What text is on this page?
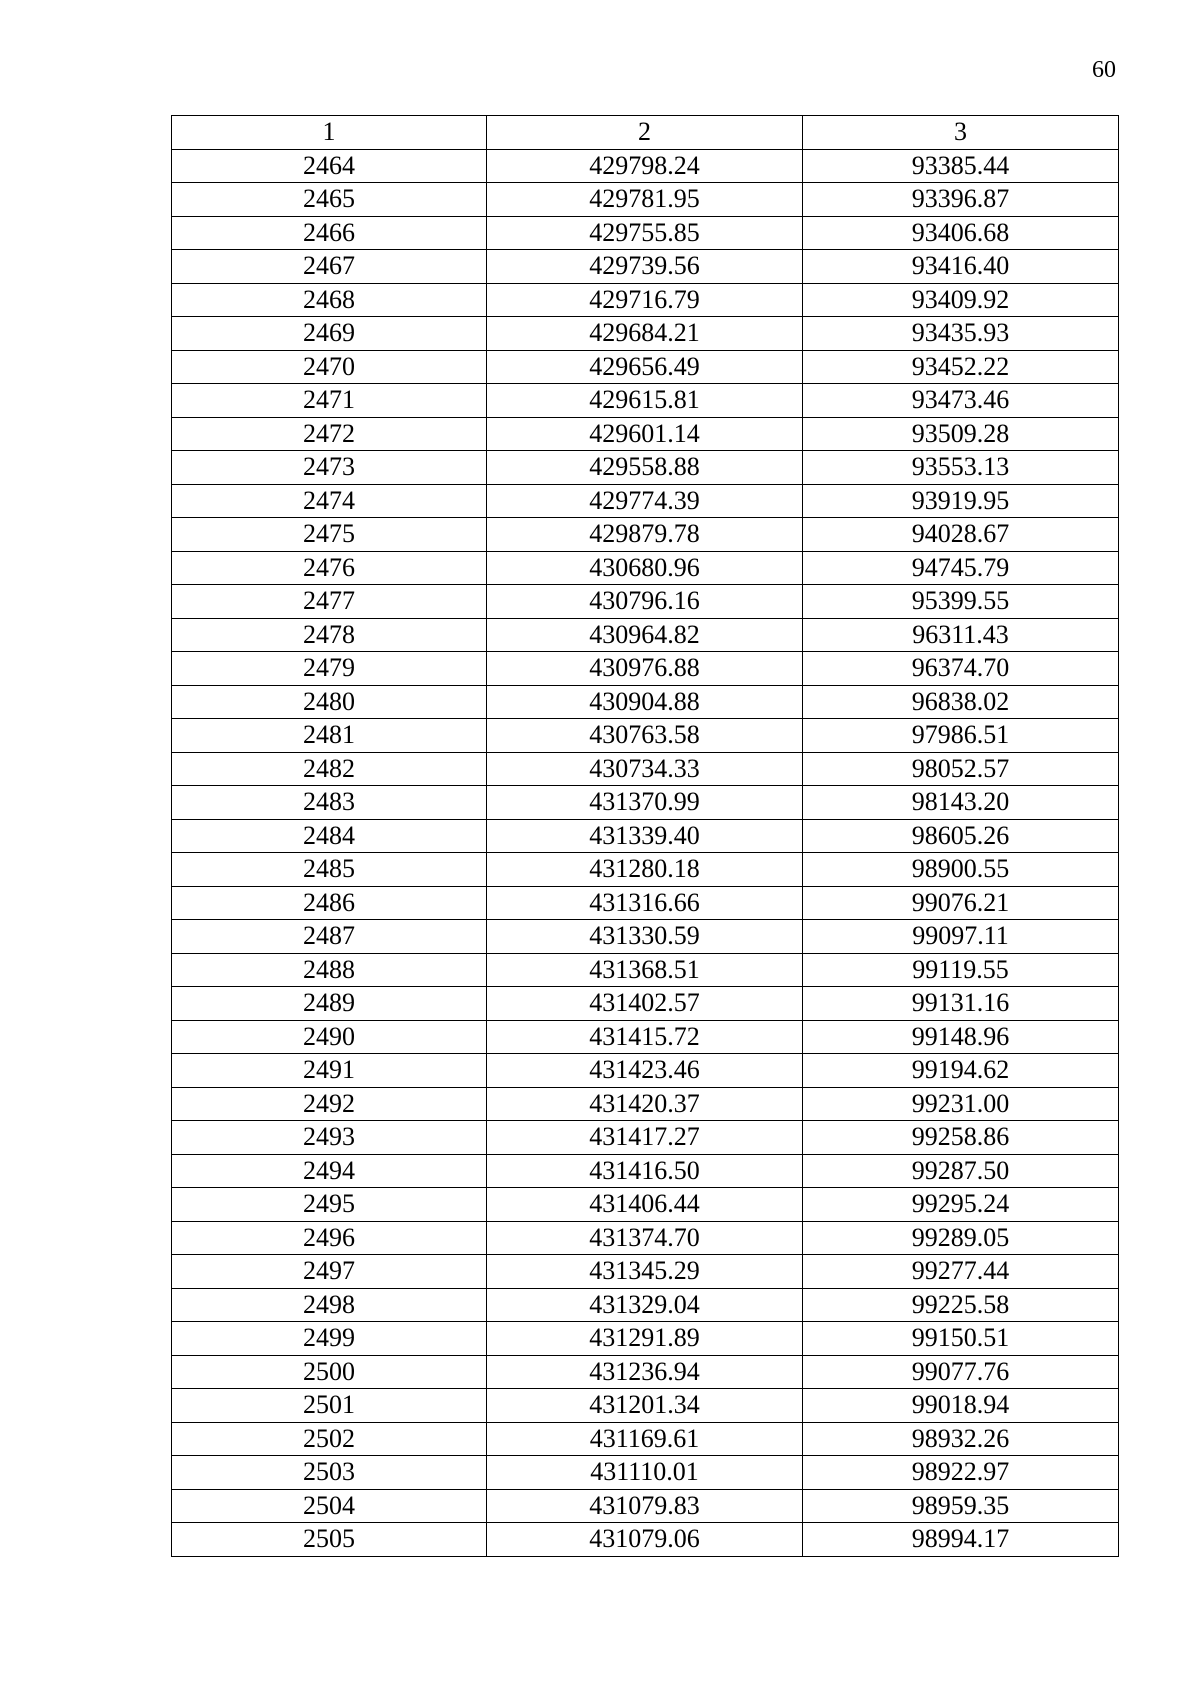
60
1	2	3
2464	429798.24	93385.44
2465	429781.95	93396.87
2466	429755.85	93406.68
2467	429739.56	93416.40
2468	429716.79	93409.92
2469	429684.21	93435.93
2470	429656.49	93452.22
2471	429615.81	93473.46
2472	429601.14	93509.28
2473	429558.88	93553.13
2474	429774.39	93919.95
2475	429879.78	94028.67
2476	430680.96	94745.79
2477	430796.16	95399.55
2478	430964.82	96311.43
2479	430976.88	96374.70
2480	430904.88	96838.02
2481	430763.58	97986.51
2482	430734.33	98052.57
2483	431370.99	98143.20
2484	431339.40	98605.26
2485	431280.18	98900.55
2486	431316.66	99076.21
2487	431330.59	99097.11
2488	431368.51	99119.55
2489	431402.57	99131.16
2490	431415.72	99148.96
2491	431423.46	99194.62
2492	431420.37	99231.00
2493	431417.27	99258.86
2494	431416.50	99287.50
2495	431406.44	99295.24
2496	431374.70	99289.05
2497	431345.29	99277.44
2498	431329.04	99225.58
2499	431291.89	99150.51
2500	431236.94	99077.76
2501	431201.34	99018.94
2502	431169.61	98932.26
2503	431110.01	98922.97
2504	431079.83	98959.35
2505	431079.06	98994.17
